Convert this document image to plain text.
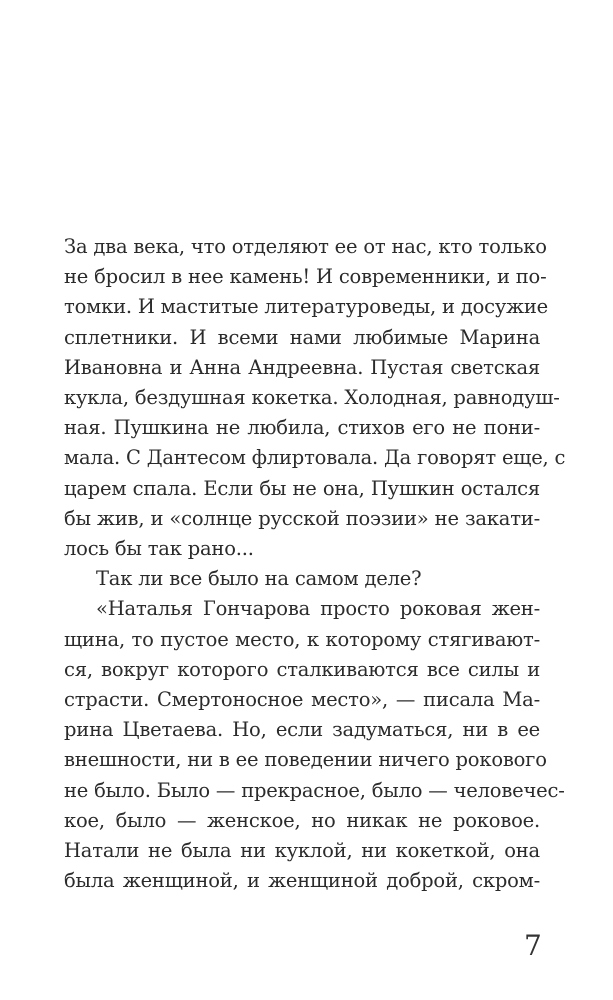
За два века, что отделяют ее от нас, кто только
не бросил в нее камень! И современники, и по-
томки. И маститые литературоведы, и досужие
сплетники. И всеми нами любимые Марина
Ивановна и Анна Андреевна. Пустая светская
кукла, бездушная кокетка. Холодная, равнодуш-
ная. Пушкина не любила, стихов его не пони-
мала. С Дантесом флиртовала. Да говорят еще, с
царем спала. Если бы не она, Пушкин остался
бы жив, и «солнце русской поэзии» не закати-
лось бы так рано...
Так ли все было на самом деле?
«Наталья Гончарова просто роковая жен-
щина, то пустое место, к которому стягивают-
ся, вокруг которого сталкиваются все силы и
страсти. Смертоносное место», — писала Ма-
рина Цветаева. Но, если задуматься, ни в ее
внешности, ни в ее поведении ничего рокового
не было. Было — прекрасное, было — человечес-
кое, было — женское, но никак не роковое.
Натали не была ни куклой, ни кокеткой, она
была женщиной, и женщиной доброй, скром-
7
